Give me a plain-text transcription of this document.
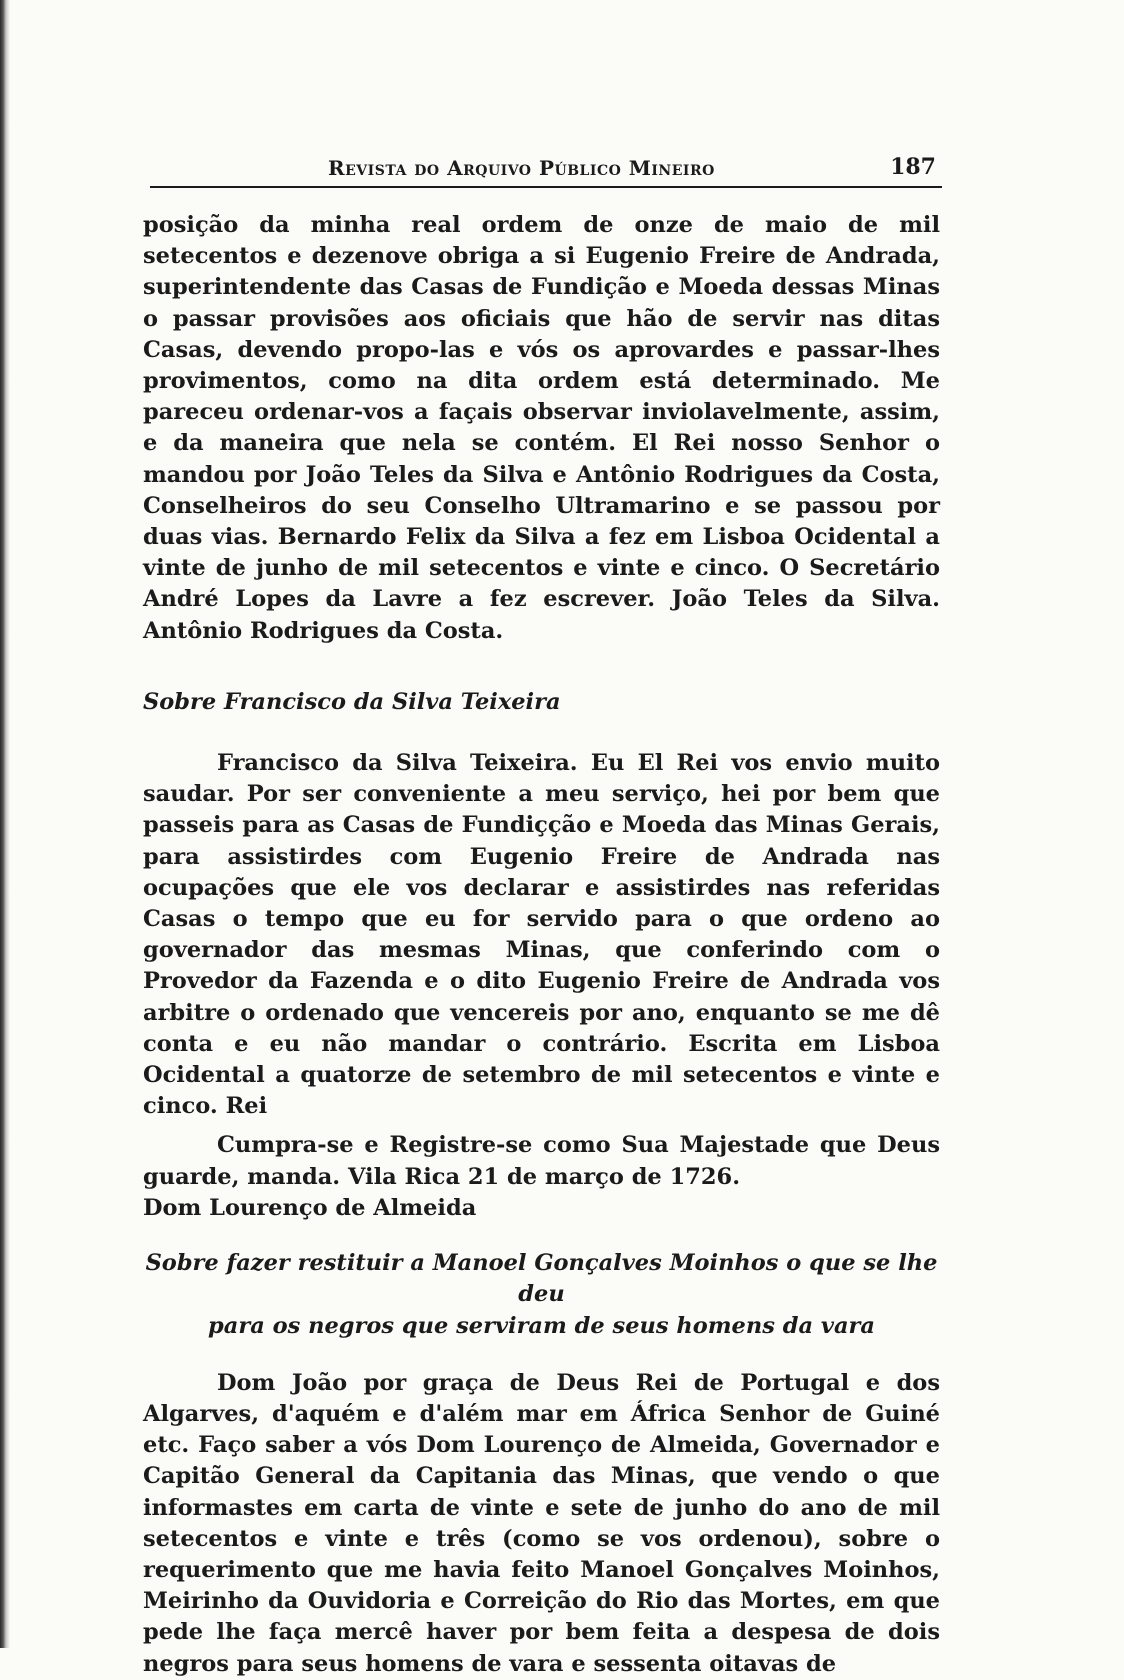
Revista do Arquivo Público Mineiro	187

posição da minha real ordem de onze de maio de mil setecentos e dezenove obriga a si Eugenio Freire de Andrada, superintendente das Casas de Fundição e Moeda dessas Minas o passar provisões aos oficiais que hão de servir nas ditas Casas, devendo propo-las e vós os aprovardes e passar-lhes provimentos, como na dita ordem está determinado. Me pareceu ordenar-vos a façais observar inviolavelmente, assim, e da maneira que nela se contém. El Rei nosso Senhor o mandou por João Teles da Silva e Antônio Rodrigues da Costa, Conselheiros do seu Conselho Ultramarino e se passou por duas vias. Bernardo Felix da Silva a fez em Lisboa Ocidental a vinte de junho de mil setecentos e vinte e cinco. O Secretário André Lopes da Lavre a fez escrever. João Teles da Silva. Antônio Rodrigues da Costa.

Sobre Francisco da Silva Teixeira

Francisco da Silva Teixeira. Eu El Rei vos envio muito saudar. Por ser conveniente a meu serviço, hei por bem que passeis para as Casas de Fundiçção e Moeda das Minas Gerais, para assistirdes com Eugenio Freire de Andrada nas ocupações que ele vos declarar e assistirdes nas referidas Casas o tempo que eu for servido para o que ordeno ao governador das mesmas Minas, que conferindo com o Provedor da Fazenda e o dito Eugenio Freire de Andrada vos arbitre o ordenado que vencereis por ano, enquanto se me dê conta e eu não mandar o contrário. Escrita em Lisboa Ocidental a quatorze de setembro de mil setecentos e vinte e cinco. Rei

Cumpra-se e Registre-se como Sua Majestade que Deus guarde, manda. Vila Rica 21 de março de 1726.

Dom Lourenço de Almeida

Sobre fazer restituir a Manoel Gonçalves Moinhos o que se lhe deu
para os negros que serviram de seus homens da vara

Dom João por graça de Deus Rei de Portugal e dos Algarves, d'aquém e d'além mar em África Senhor de Guiné etc. Faço saber a vós Dom Lourenço de Almeida, Governador e Capitão General da Capitania das Minas, que vendo o que informastes em carta de vinte e sete de junho do ano de mil setecentos e vinte e três (como se vos ordenou), sobre o requerimento que me havia feito Manoel Gonçalves Moinhos, Meirinho da Ouvidoria e Correição do Rio das Mortes, em que pede lhe faça mercê haver por bem feita a despesa de dois negros para seus homens de vara e sessenta oitavas de
